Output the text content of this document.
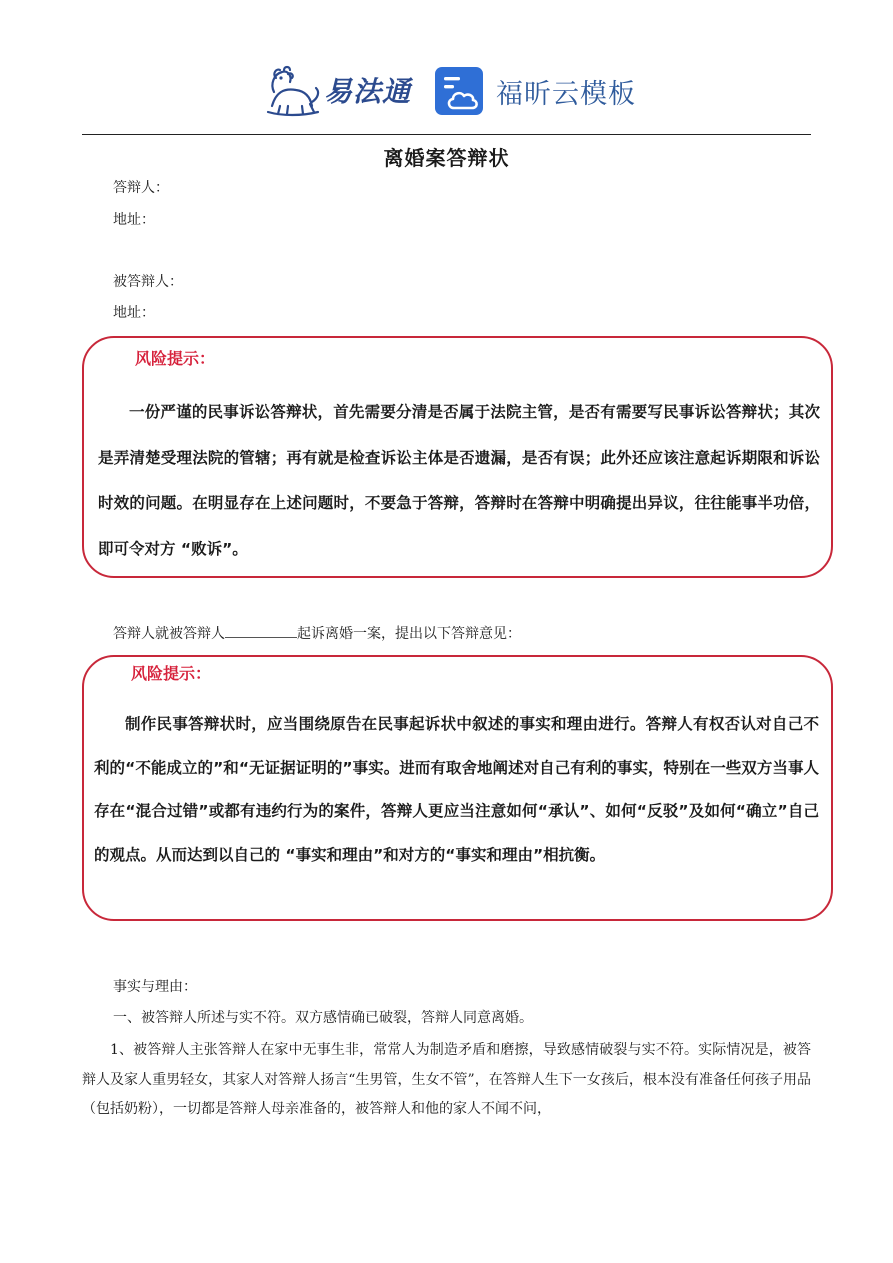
易法通	福昕云模板
离婚案答辩状
答辩人：
地址：
被答辩人：
地址：
风险提示：
一份严谨的民事诉讼答辩状，首先需要分清是否属于法院主管，是否有需要写民事诉讼答辩状；其次是弄清楚受理法院的管辖；再有就是检查诉讼主体是否遗漏，是否有误；此外还应该注意起诉期限和诉讼时效的问题。在明显存在上述问题时，不要急于答辩，答辩时在答辩中明确提出异议，往往能事半功倍，即可令对方 “败诉”。
答辩人就被答辩人	起诉离婚一案，提出以下答辩意见：
风险提示：
制作民事答辩状时，应当围绕原告在民事起诉状中叙述的事实和理由进行。答辩人有权否认对自己不利的“不能成立的”和“无证据证明的”事实。进而有取舍地阐述对自己有利的事实，特别在一些双方当事人存在“混合过错”或都有违约行为的案件，答辩人更应当注意如何“承认”、如何“反驳”及如何“确立”自己的观点。从而达到以自己的 “事实和理由”和对方的“事实和理由”相抗衡。
事实与理由：
一、被答辩人所述与实不符。双方感情确已破裂，答辩人同意离婚。
1、被答辩人主张答辩人在家中无事生非，常常人为制造矛盾和磨擦，导致感情破裂与实不符。实际情况是，被答辩人及家人重男轻女，其家人对答辩人扬言“生男管，生女不管”，在答辩人生下一女孩后，根本没有准备任何孩子用品（包括奶粉），一切都是答辩人母亲准备的，被答辩人和他的家人不闻不问，
